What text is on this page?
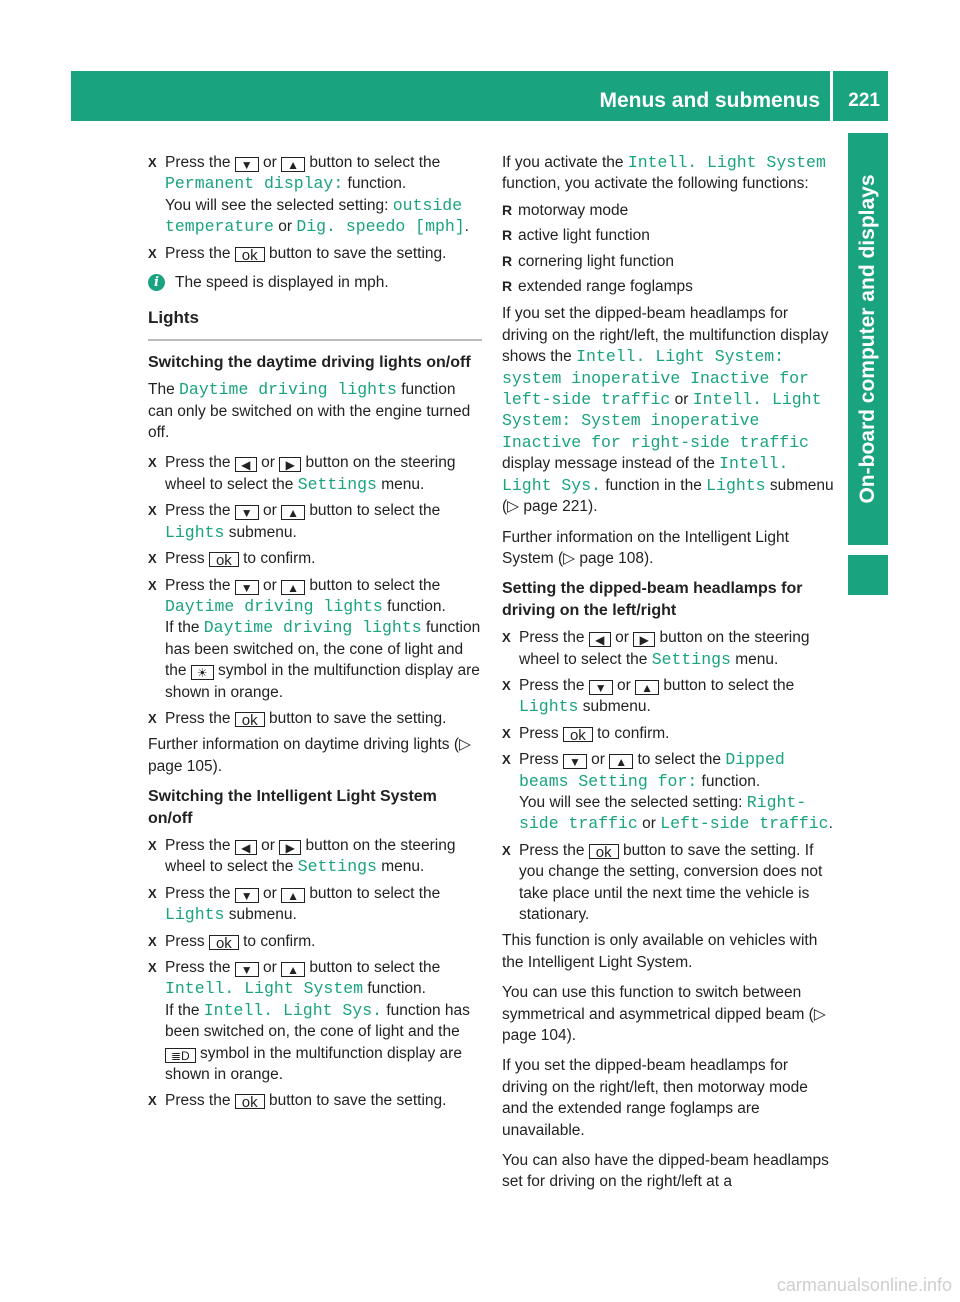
Menus and submenus 221
On-board computer and displays
X Press the ▼ or ▲ button to select the Permanent display: function.
You will see the selected setting: outside temperature or Dig. speedo [mph].
X Press the ok button to save the setting.
i	The speed is displayed in mph.
Lights
Switching the daytime driving lights on/off

The Daytime driving lights function can only be switched on with the engine turned off.

X Press the ◀ or ▶ button on the steering wheel to select the Settings menu.
X Press the ▼ or ▲ button to select the Lights submenu.
X Press ok to confirm.
X Press the ▼ or ▲ button to select the Daytime driving lights function.
If the Daytime driving lights function has been switched on, the cone of light and the ☀ symbol in the multifunction display are shown in orange.
X Press the ok button to save the setting.

Further information on daytime driving lights (▷ page 105).

Switching the Intelligent Light System on/off
X Press the ◀ or ▶ button on the steering wheel to select the Settings menu.
X Press the ▼ or ▲ button to select the Lights submenu.
X Press ok to confirm.
X Press the ▼ or ▲ button to select the Intell. Light System function.
If the Intell. Light Sys. function has been switched on, the cone of light and the ≣D symbol in the multifunction display are shown in orange.
X Press the ok button to save the setting.

If you activate the Intell. Light System function, you activate the following functions:

R motorway mode
R active light function
R cornering light function
R extended range foglamps

If you set the dipped-beam headlamps for driving on the right/left, the multifunction display shows the Intell. Light System: system inoperative Inactive for left-side traffic or Intell. Light System: System inoperative Inactive for right-side traffic display message instead of the Intell. Light Sys. function in the Lights submenu (▷ page 221).

Further information on the Intelligent Light System (▷ page 108).

Setting the dipped-beam headlamps for driving on the left/right
X Press the ◀ or ▶ button on the steering wheel to select the Settings menu.
X Press the ▼ or ▲ button to select the Lights submenu.
X Press ok to confirm.
X Press ▼ or ▲ to select the Dipped beams Setting for: function.
You will see the selected setting: Right-side traffic or Left-side traffic.
X Press the ok button to save the setting. If you change the setting, conversion does not take place until the next time the vehicle is stationary.

This function is only available on vehicles with the Intelligent Light System.

You can use this function to switch between symmetrical and asymmetrical dipped beam (▷ page 104).

If you set the dipped-beam headlamps for driving on the right/left, then motorway mode and the extended range foglamps are unavailable.

You can also have the dipped-beam headlamps set for driving on the right/left at a

carmanualsonline.info
